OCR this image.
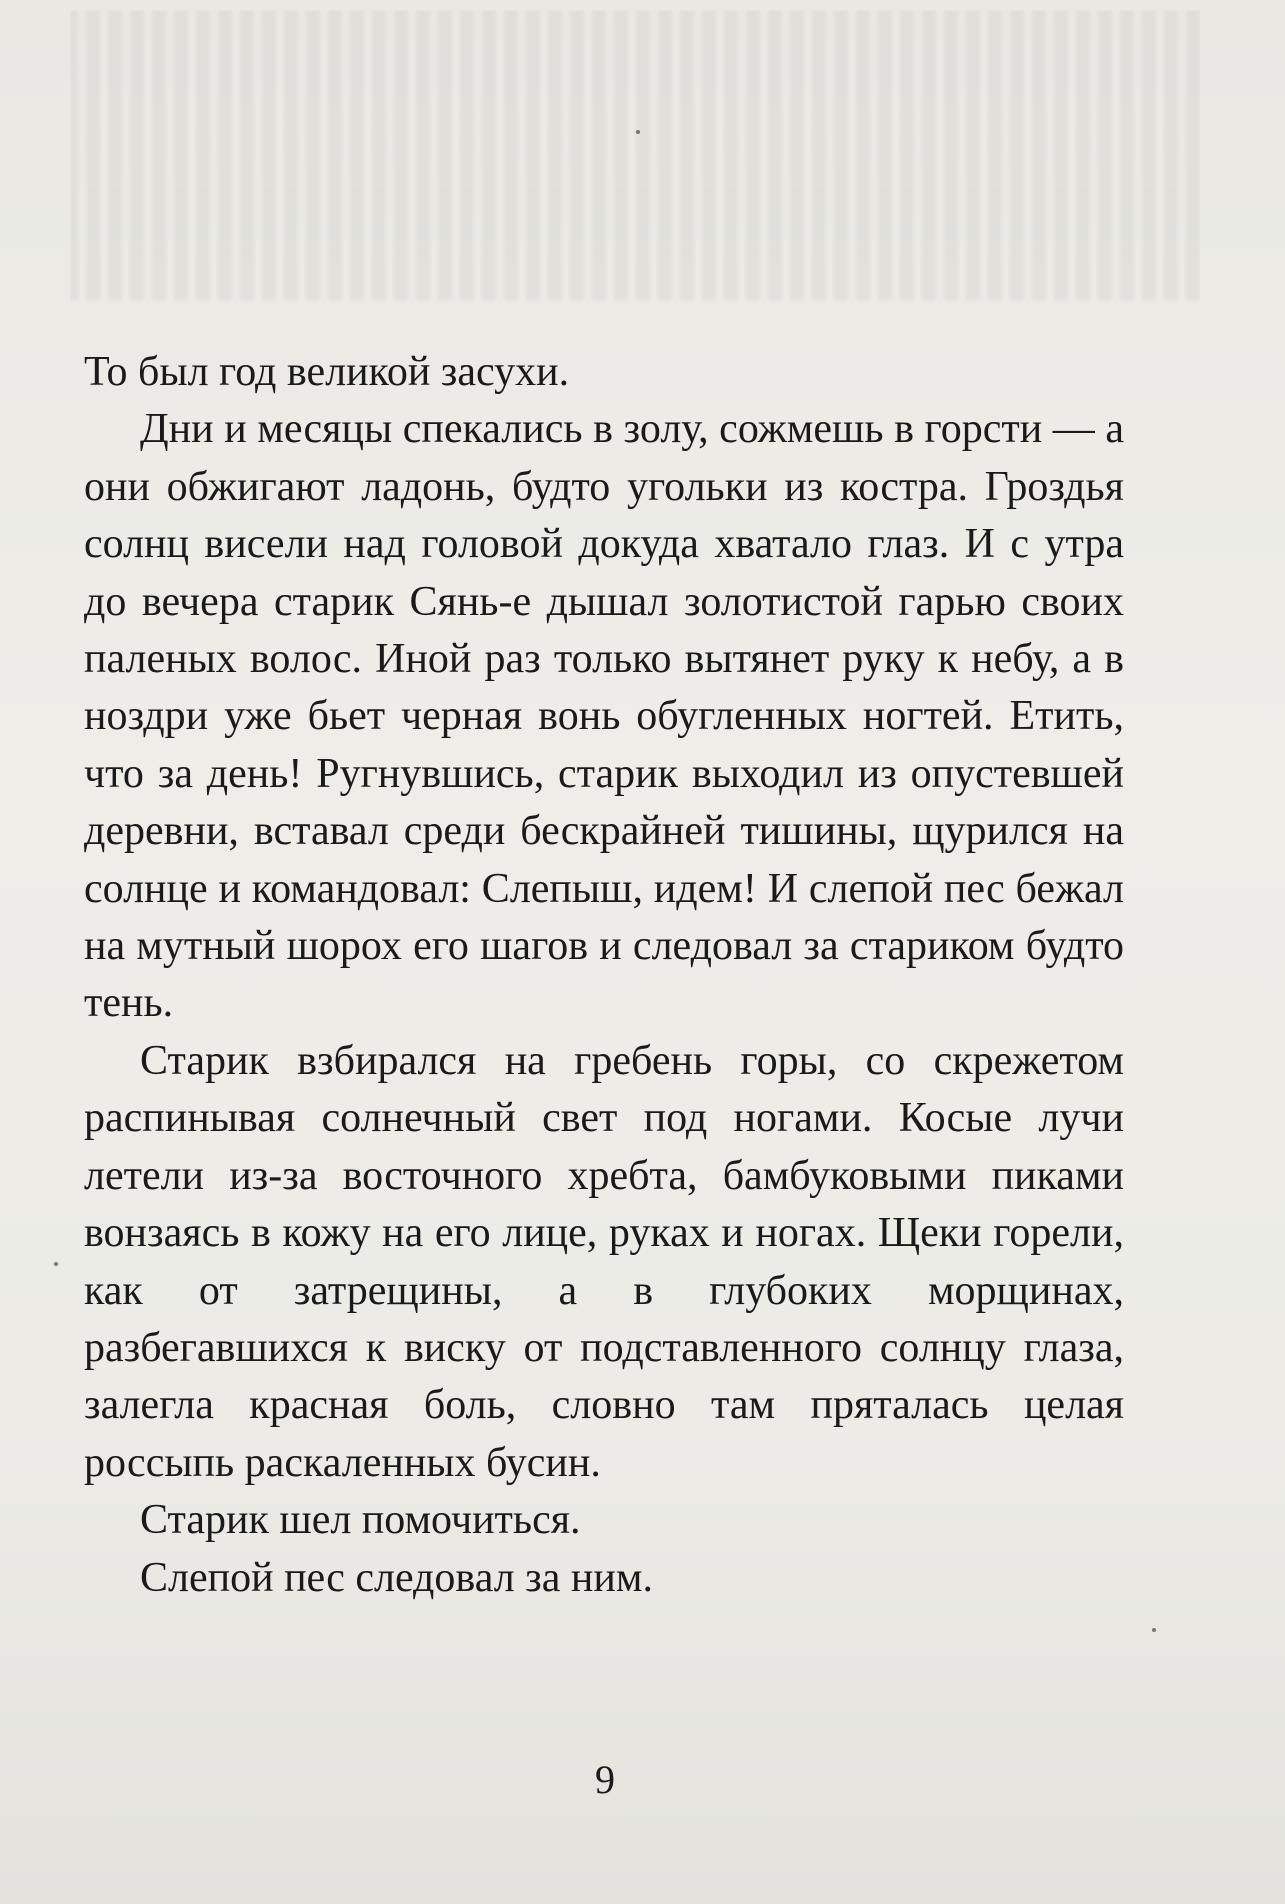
То был год великой засухи.

Дни и месяцы спекались в золу, сожмешь в горсти — а они обжигают ладонь, будто угольки из костра. Гроздья солнц висели над головой докуда хватало глаз. И с утра до вечера старик Сянь-е дышал золотистой гарью своих паленых волос. Иной раз только вытянет руку к небу, а в ноздри уже бьет черная вонь обугленных ногтей. Етить, что за день! Ругнувшись, старик выходил из опустевшей деревни, вставал среди бескрайней тишины, щурился на солнце и командовал: Слепыш, идем! И слепой пес бежал на мутный шорох его шагов и следовал за стариком будто тень.

Старик взбирался на гребень горы, со скрежетом распинывая солнечный свет под ногами. Косые лучи летели из-за восточного хребта, бамбуковыми пиками вонзаясь в кожу на его лице, руках и ногах. Щеки горели, как от затрещины, а в глубоких морщинах, разбегавшихся к виску от подставленного солнцу глаза, залегла красная боль, словно там пряталась целая россыпь раскаленных бусин.

Старик шел помочиться.

Слепой пес следовал за ним.

9
